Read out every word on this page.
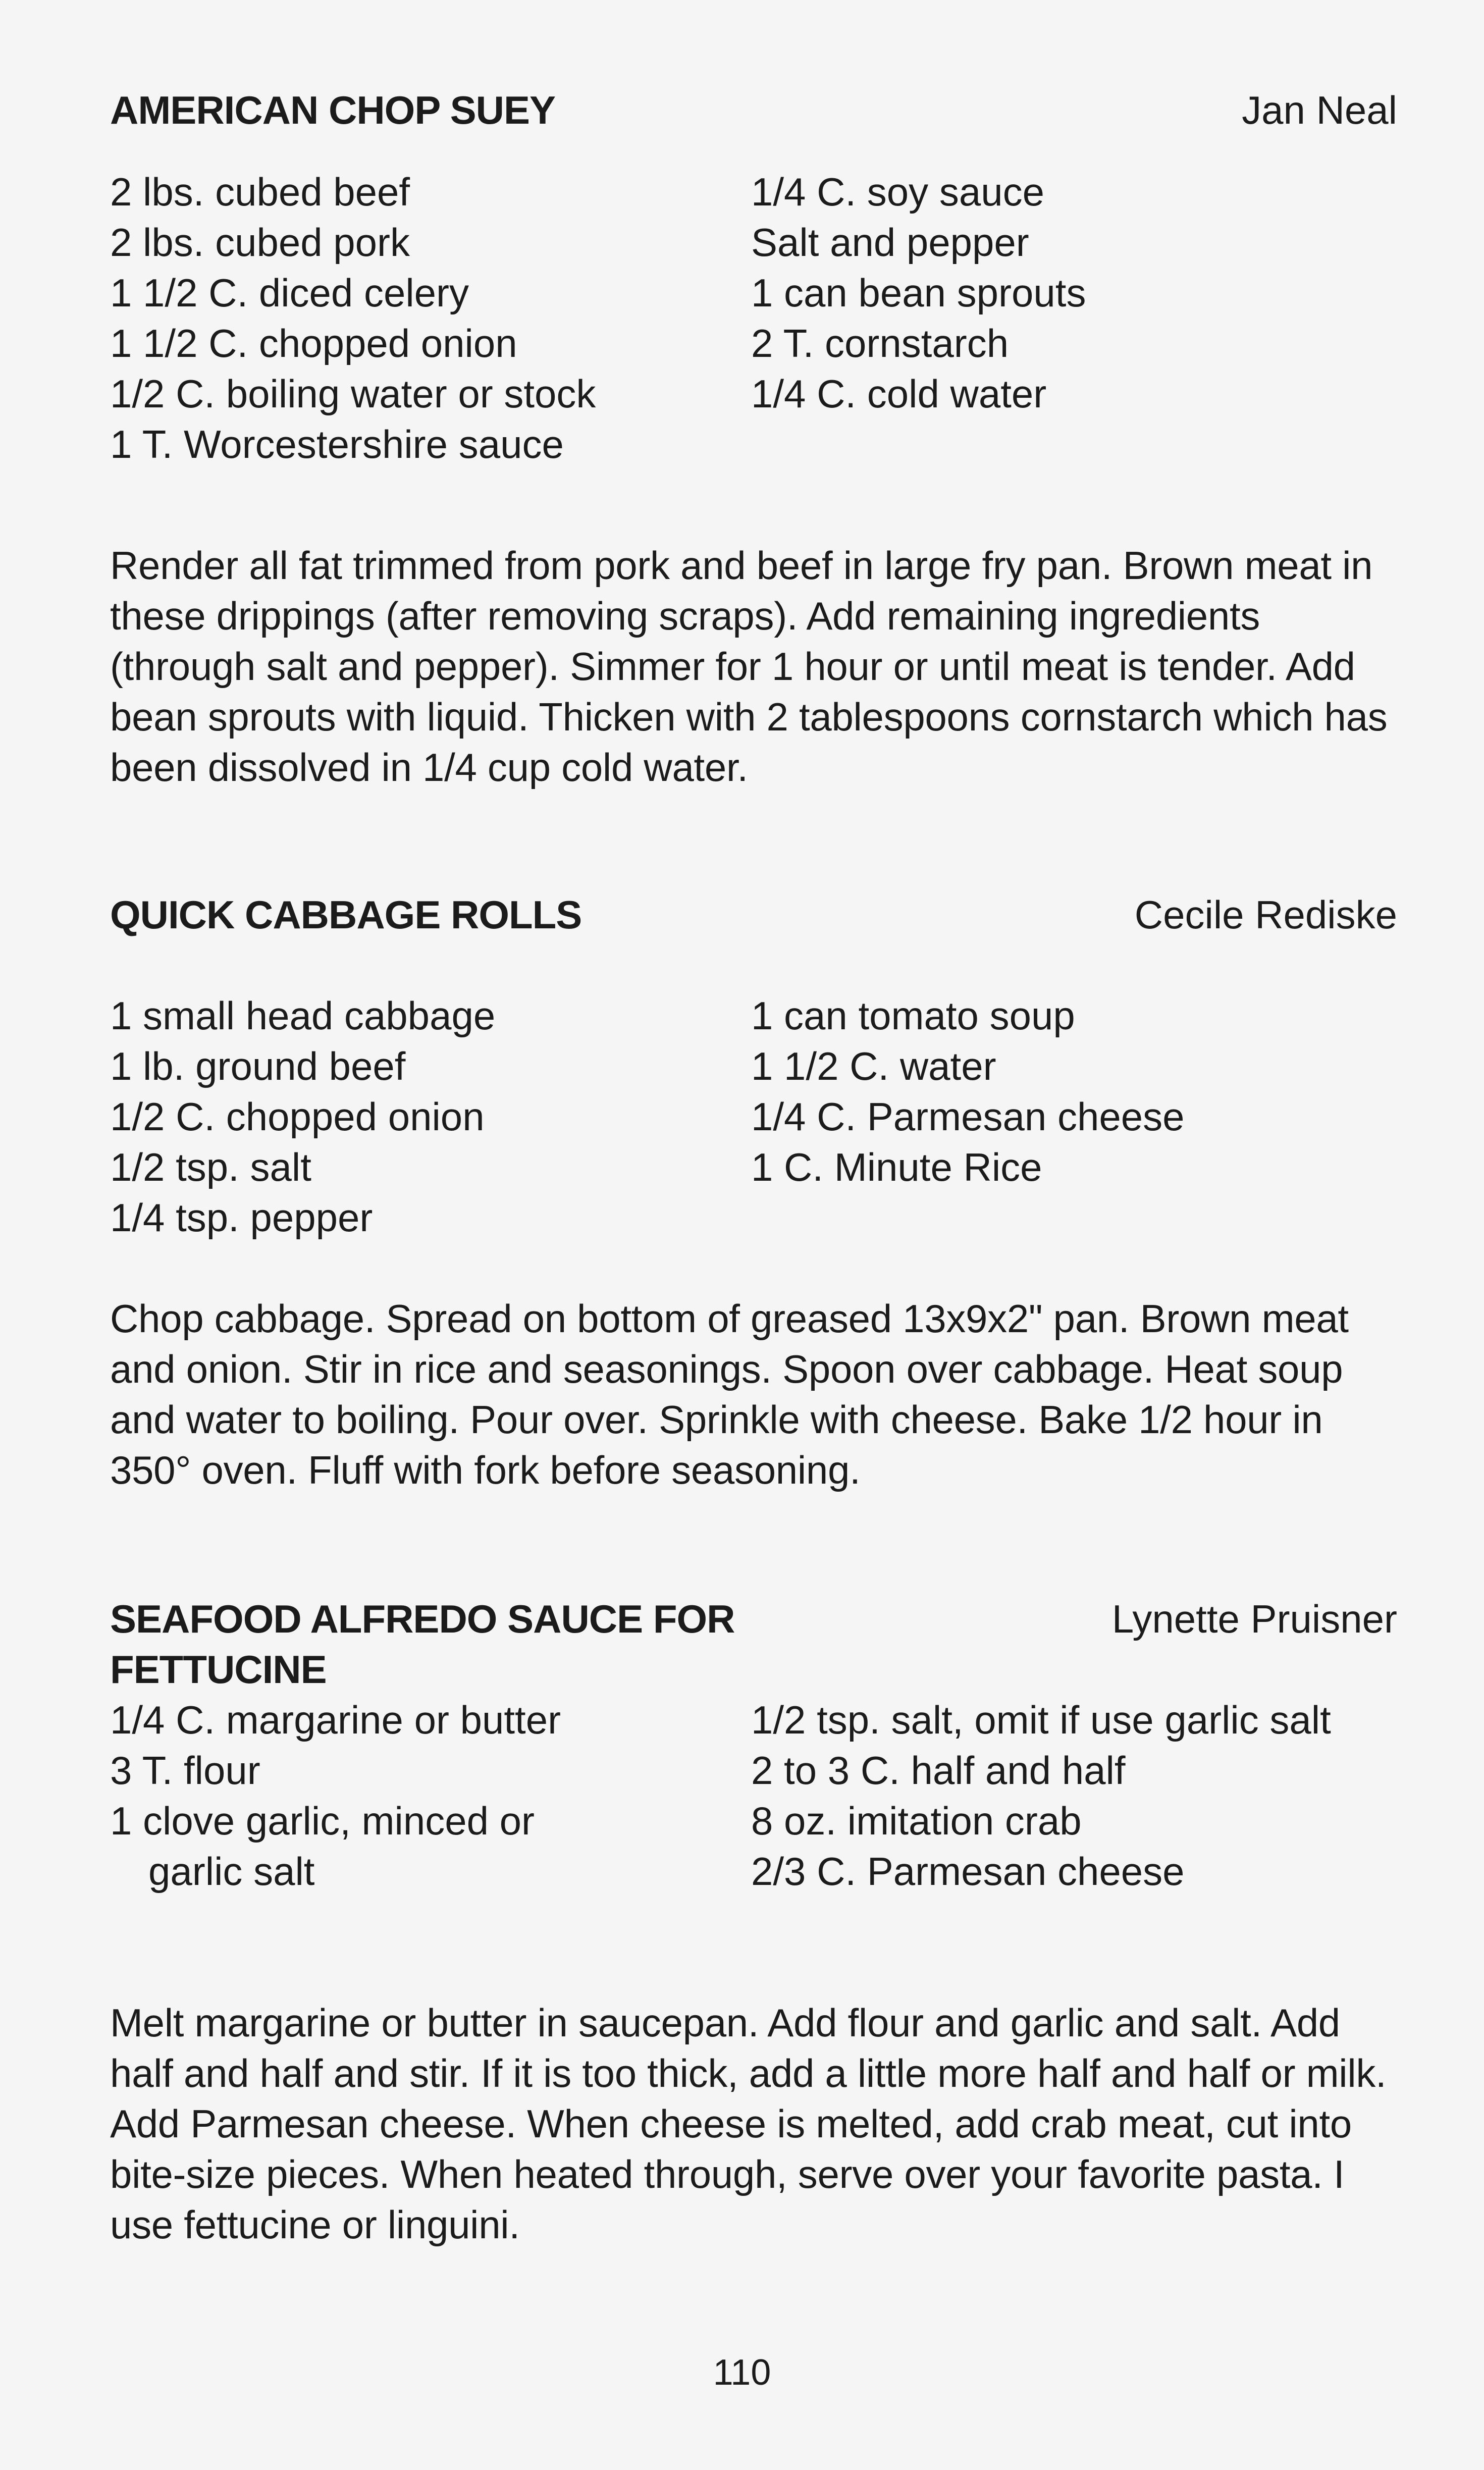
AMERICAN CHOP SUEY	Jan Neal
2 lbs. cubed beef
2 lbs. cubed pork
1 1/2 C. diced celery
1 1/2 C. chopped onion
1/2 C. boiling water or stock
1 T. Worcestershire sauce
1/4 C. soy sauce
Salt and pepper
1 can bean sprouts
2 T. cornstarch
1/4 C. cold water
Render all fat trimmed from pork and beef in large fry pan. Brown meat in these drippings (after removing scraps). Add remaining ingredients (through salt and pepper). Simmer for 1 hour or until meat is tender. Add bean sprouts with liquid. Thicken with 2 tablespoons cornstarch which has been dissolved in 1/4 cup cold water.
QUICK CABBAGE ROLLS	Cecile Rediske
1 small head cabbage
1 lb. ground beef
1/2 C. chopped onion
1/2 tsp. salt
1/4 tsp. pepper
1 can tomato soup
1 1/2 C. water
1/4 C. Parmesan cheese
1 C. Minute Rice
Chop cabbage. Spread on bottom of greased 13x9x2" pan. Brown meat and onion. Stir in rice and seasonings. Spoon over cabbage. Heat soup and water to boiling. Pour over. Sprinkle with cheese. Bake 1/2 hour in 350° oven. Fluff with fork before seasoning.
SEAFOOD ALFREDO SAUCE FOR FETTUCINE
Lynette Pruisner
1/4 C. margarine or butter
3 T. flour
1 clove garlic, minced or garlic salt
1/2 tsp. salt, omit if use garlic salt
2 to 3 C. half and half
8 oz. imitation crab
2/3 C. Parmesan cheese
Melt margarine or butter in saucepan. Add flour and garlic and salt. Add half and half and stir. If it is too thick, add a little more half and half or milk. Add Parmesan cheese. When cheese is melted, add crab meat, cut into bite-size pieces. When heated through, serve over your favorite pasta. I use fettucine or linguini.
110
